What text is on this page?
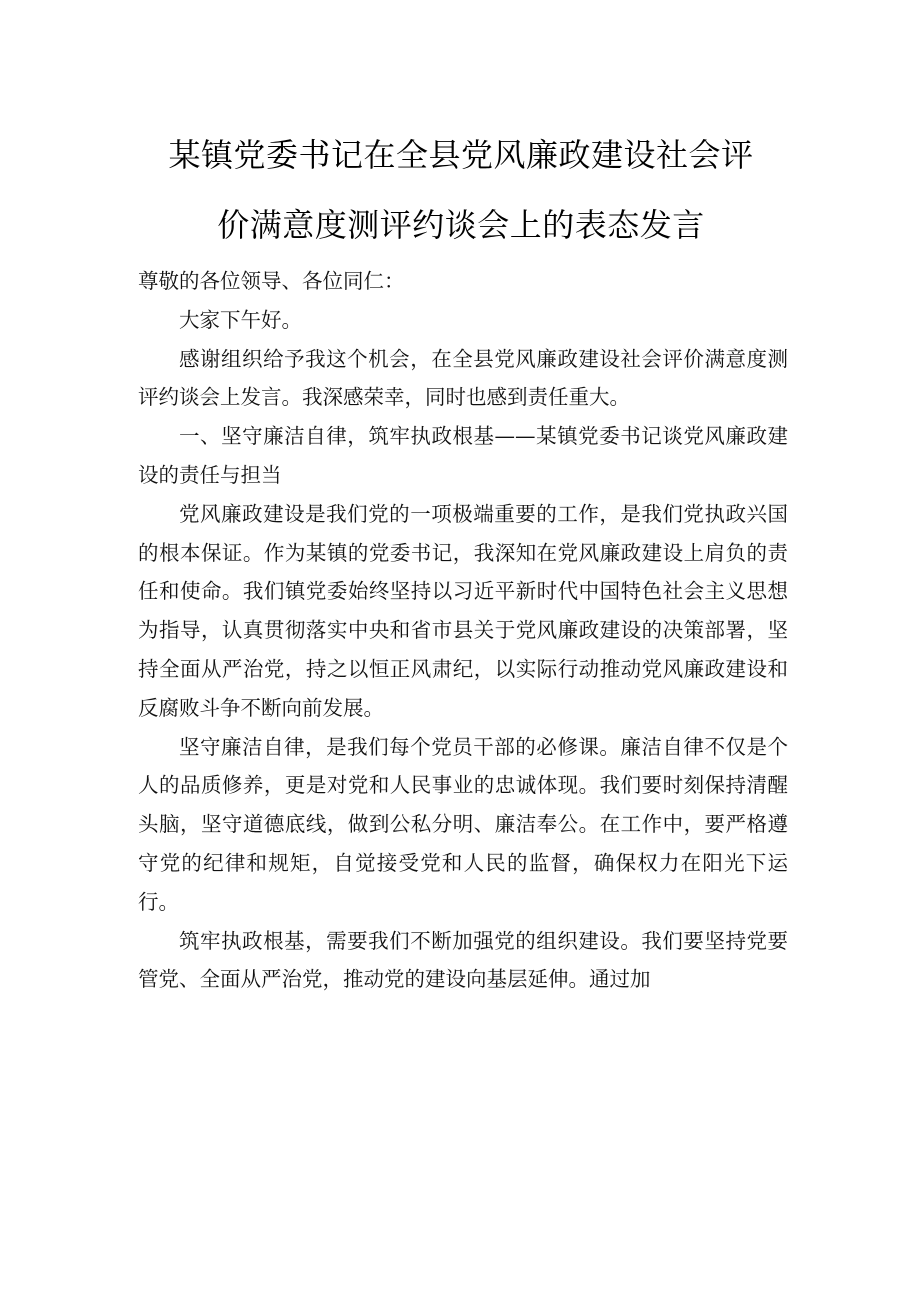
某镇党委书记在全县党风廉政建设社会评
价满意度测评约谈会上的表态发言

尊敬的各位领导、各位同仁：

大家下午好。

感谢组织给予我这个机会，在全县党风廉政建设社会评价满意度测评约谈会上发言。我深感荣幸，同时也感到责任重大。

一、坚守廉洁自律，筑牢执政根基——某镇党委书记谈党风廉政建设的责任与担当

党风廉政建设是我们党的一项极端重要的工作，是我们党执政兴国的根本保证。作为某镇的党委书记，我深知在党风廉政建设上肩负的责任和使命。我们镇党委始终坚持以习近平新时代中国特色社会主义思想为指导，认真贯彻落实中央和省市县关于党风廉政建设的决策部署，坚持全面从严治党，持之以恒正风肃纪，以实际行动推动党风廉政建设和反腐败斗争不断向前发展。

坚守廉洁自律，是我们每个党员干部的必修课。廉洁自律不仅是个人的品质修养，更是对党和人民事业的忠诚体现。我们要时刻保持清醒头脑，坚守道德底线，做到公私分明、廉洁奉公。在工作中，要严格遵守党的纪律和规矩，自觉接受党和人民的监督，确保权力在阳光下运行。

筑牢执政根基，需要我们不断加强党的组织建设。我们要坚持党要管党、全面从严治党，推动党的建设向基层延伸。通过加
